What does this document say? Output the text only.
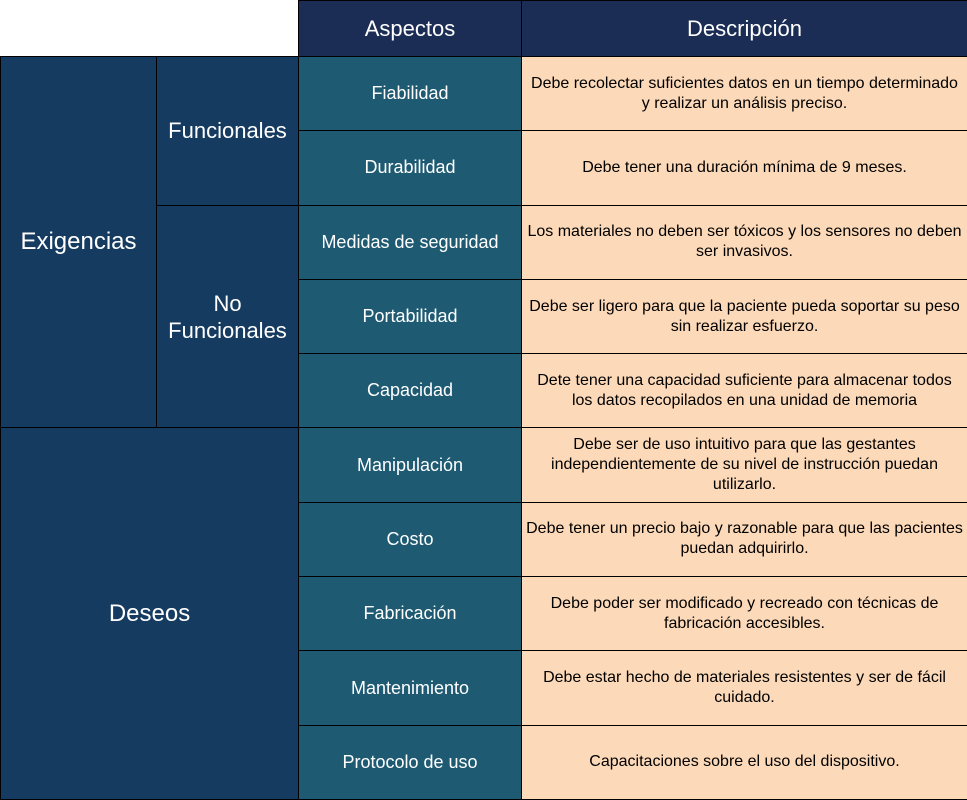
		Aspectos	Descripción
Exigencias	Funcionales	Fiabilidad	Debe recolectar suficientes datos en un tiempo determinado y realizar un análisis preciso.
		Durabilidad	Debe tener una duración mínima de 9 meses.
	No Funcionales	Medidas de seguridad	Los materiales no deben ser tóxicos y los sensores no deben ser invasivos.
		Portabilidad	Debe ser ligero para que la paciente pueda soportar su peso sin realizar esfuerzo.
		Capacidad	Dete tener una capacidad suficiente para almacenar todos los datos recopilados en una unidad de memoria
Deseos		Manipulación	Debe ser de uso intuitivo para que las gestantes independientemente de su nivel de instrucción puedan utilizarlo.
		Costo	Debe tener un precio bajo y razonable para que las pacientes puedan adquirirlo.
		Fabricación	Debe poder ser modificado y recreado con técnicas de fabricación accesibles.
		Mantenimiento	Debe estar hecho de materiales resistentes y ser de fácil cuidado.
		Protocolo de uso	Capacitaciones sobre el uso del dispositivo.
